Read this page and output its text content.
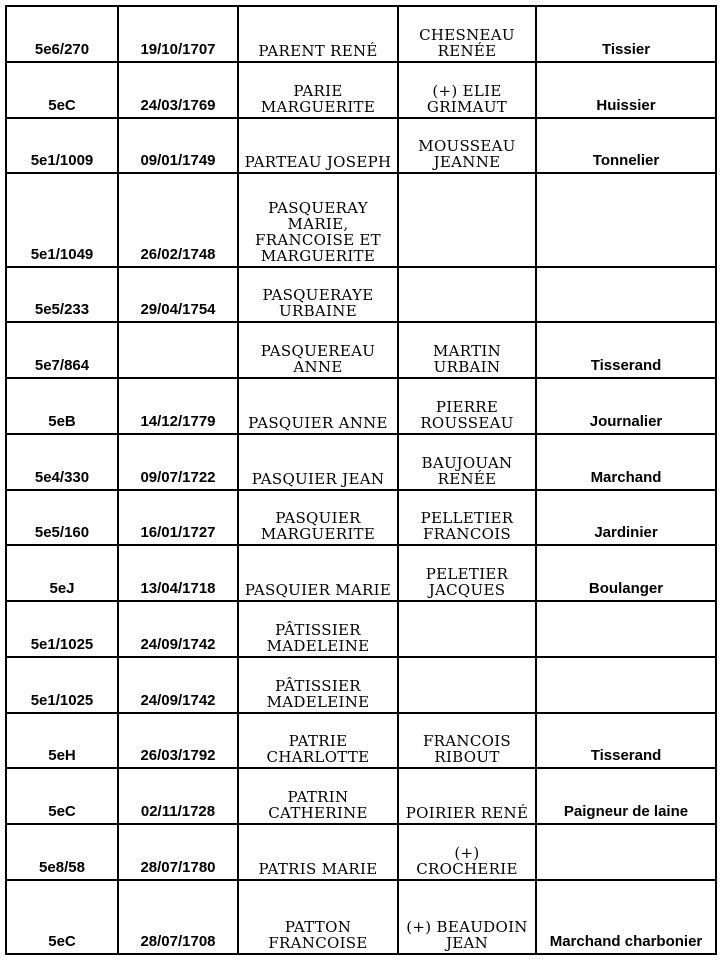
5e6/270	19/10/1707	PARENT RENÉ	CHESNEAU RENÉE	Tissier
5eC	24/03/1769	PARIE MARGUERITE	(+) ELIE GRIMAUT	Huissier
5e1/1009	09/01/1749	PARTEAU JOSEPH	MOUSSEAU JEANNE	Tonnelier
5e1/1049	26/02/1748	PASQUERAY MARIE, FRANCOISE ET MARGUERITE		
5e5/233	29/04/1754	PASQUERAYE URBAINE		
5e7/864		PASQUEREAU ANNE	MARTIN URBAIN	Tisserand
5eB	14/12/1779	PASQUIER ANNE	PIERRE ROUSSEAU	Journalier
5e4/330	09/07/1722	PASQUIER JEAN	BAUJOUAN RENÉE	Marchand
5e5/160	16/01/1727	PASQUIER MARGUERITE	PELLETIER FRANCOIS	Jardinier
5eJ	13/04/1718	PASQUIER MARIE	PELETIER JACQUES	Boulanger
5e1/1025	24/09/1742	PÂTISSIER MADELEINE		
5e1/1025	24/09/1742	PÂTISSIER MADELEINE		
5eH	26/03/1792	PATRIE CHARLOTTE	FRANCOIS RIBOUT	Tisserand
5eC	02/11/1728	PATRIN CATHERINE	POIRIER RENÉ	Paigneur de laine
5e8/58	28/07/1780	PATRIS MARIE	(+) CROCHERIE	
5eC	28/07/1708	PATTON FRANCOISE	(+) BEAUDOIN JEAN	Marchand charbonier
